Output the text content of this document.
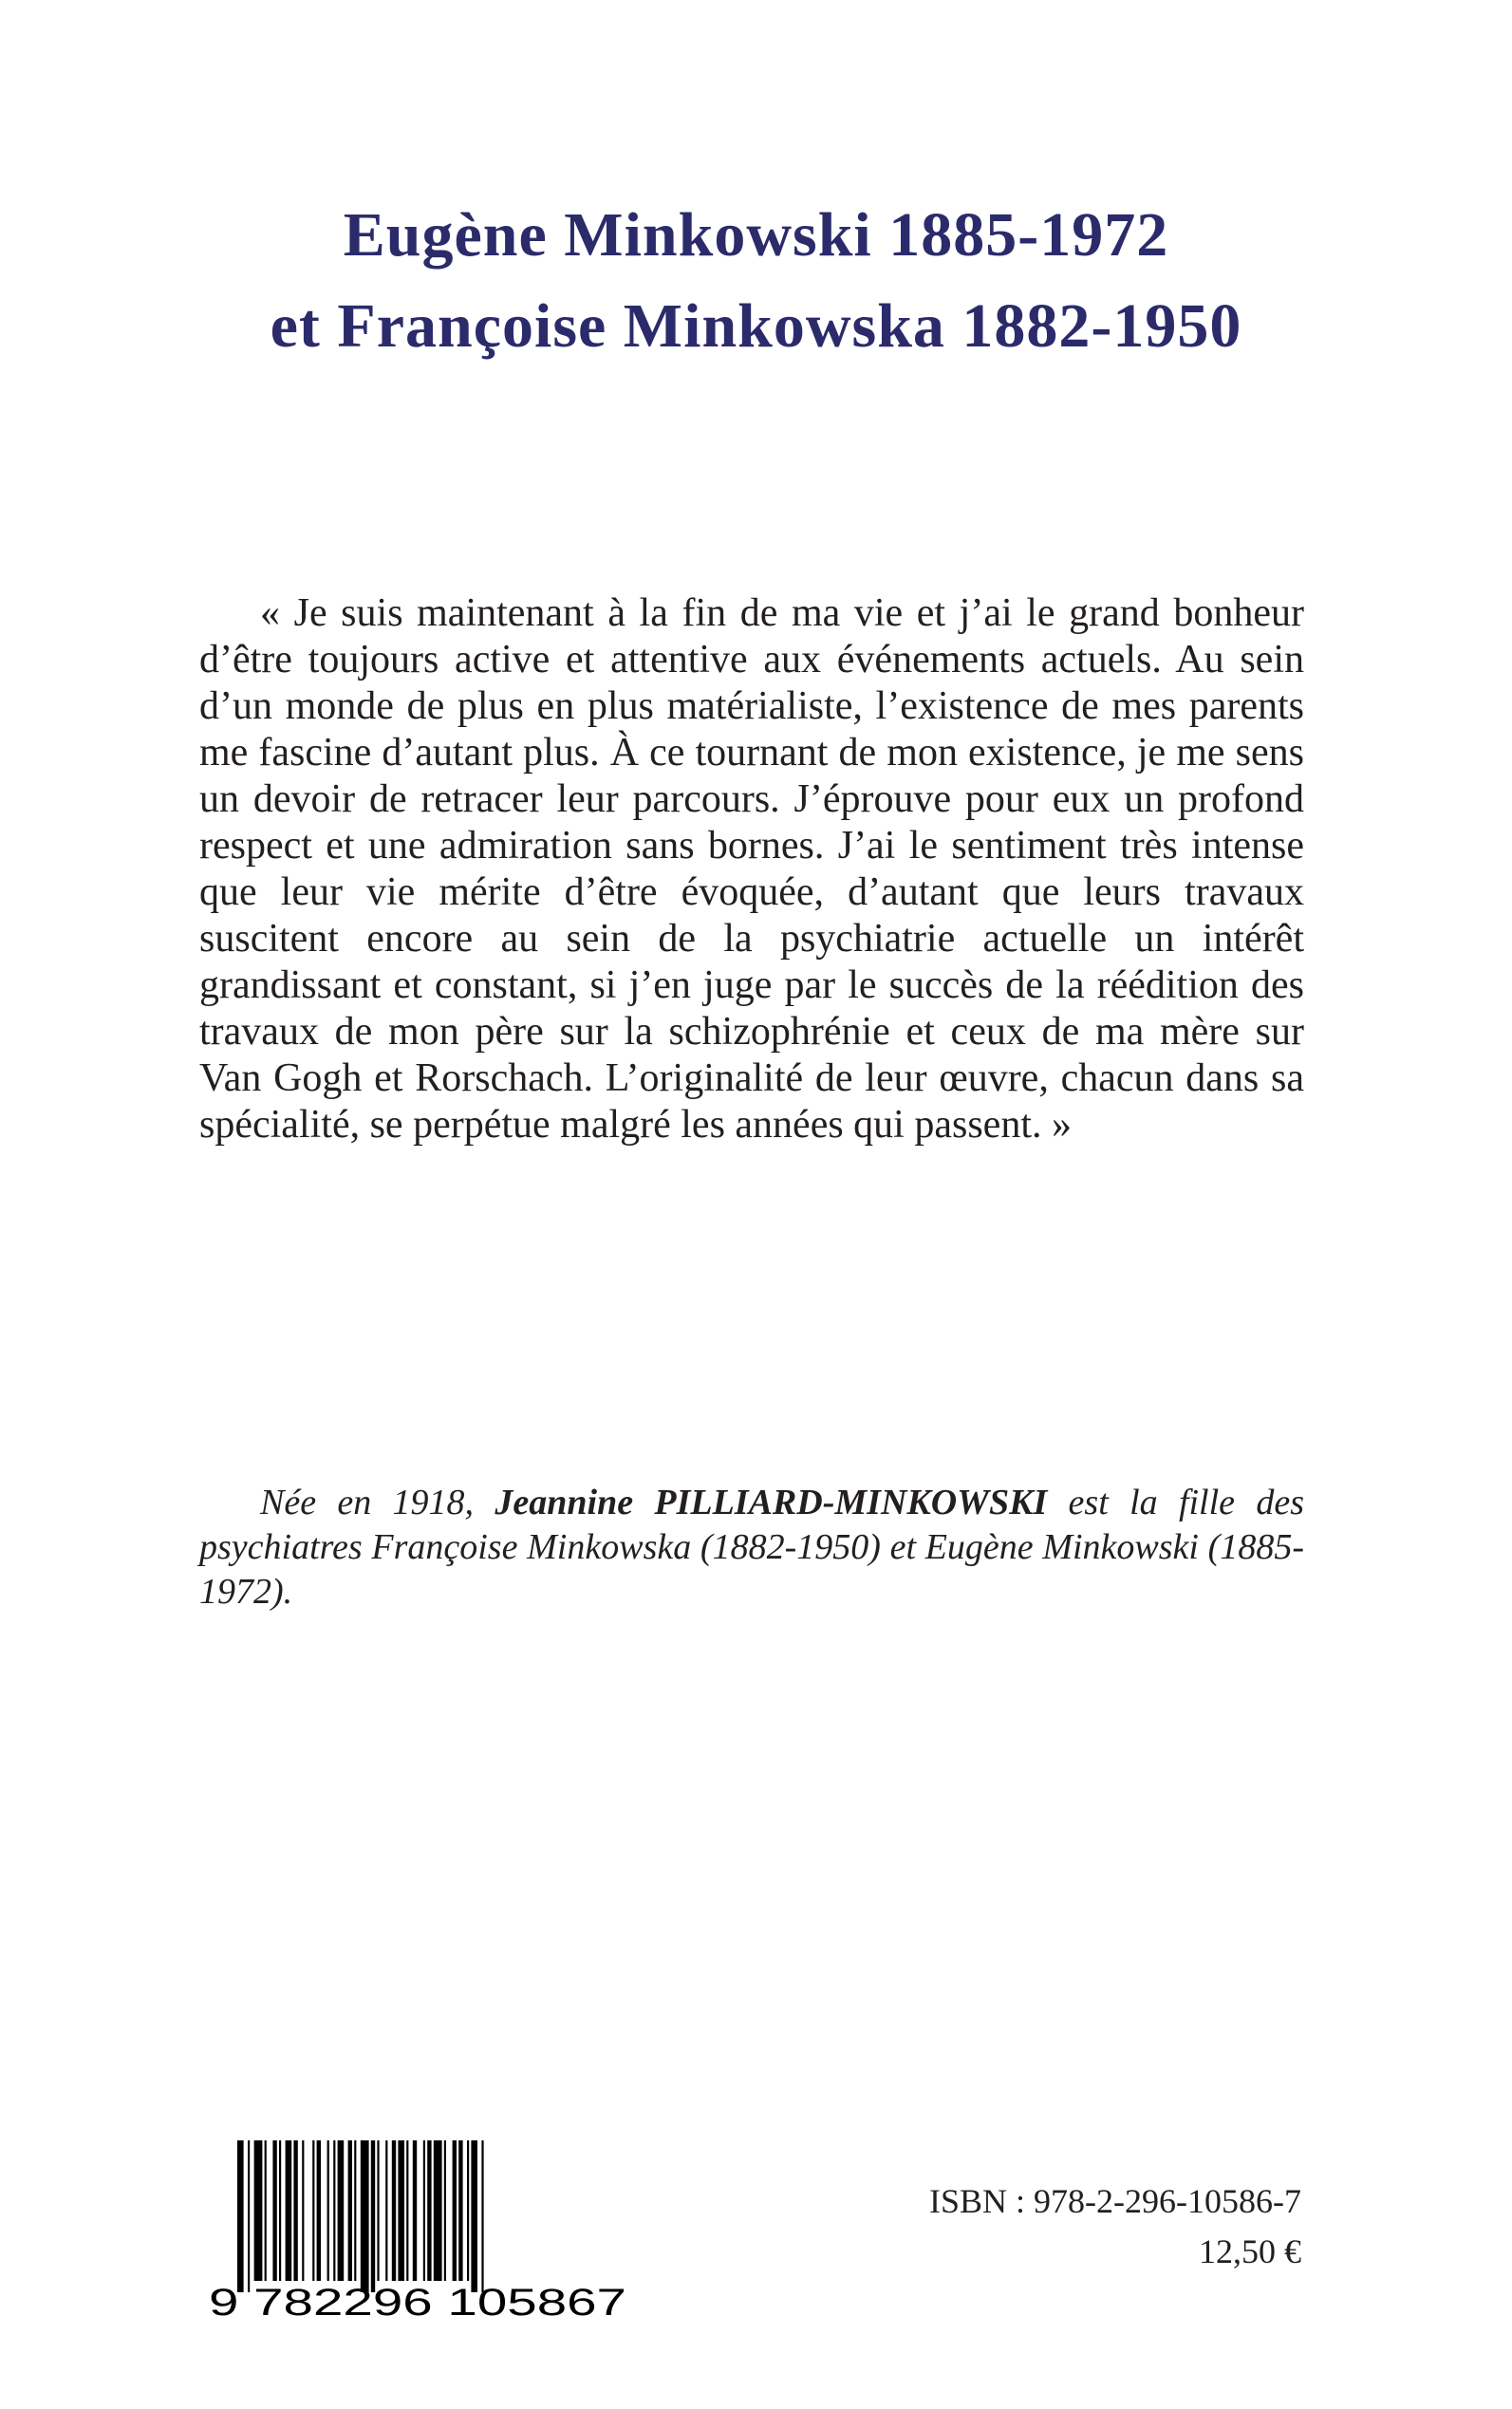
Eugène Minkowski 1885-1972
et Françoise Minkowska 1882-1950
« Je suis maintenant à la fin de ma vie et j’ai le grand bonheur d’être toujours active et attentive aux événements actuels. Au sein d’un monde de plus en plus matérialiste, l’existence de mes parents me fascine d’autant plus. À ce tournant de mon existence, je me sens un devoir de retracer leur parcours. J’éprouve pour eux un profond respect et une admiration sans bornes. J’ai le sentiment très intense que leur vie mérite d’être évoquée, d’autant que leurs travaux suscitent encore au sein de la psychiatrie actuelle un intérêt grandissant et constant, si j’en juge par le succès de la réédition des travaux de mon père sur la schizophrénie et ceux de ma mère sur Van Gogh et Rorschach. L’originalité de leur œuvre, chacun dans sa spécialité, se perpétue malgré les années qui passent. »
Née en 1918, Jeannine PILLIARD-MINKOWSKI est la fille des psychiatres Françoise Minkowska (1882-1950) et Eugène Minkowski (1885-1972).
9 782296 105867
ISBN : 978-2-296-10586-7
12,50 €
